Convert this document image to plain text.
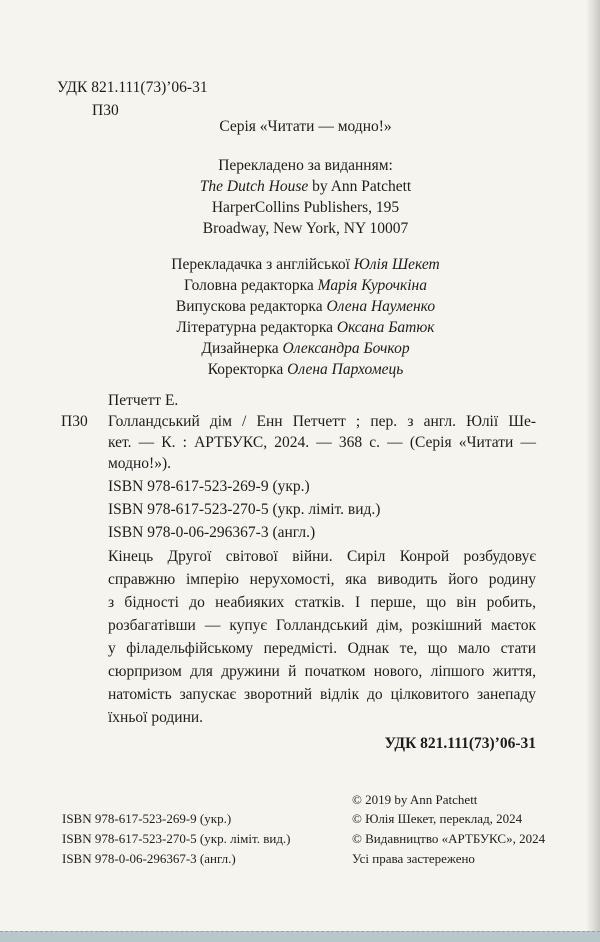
УДК 821.111(73)’06-31
П30
Серія «Читати — модно!»
Перекладено за виданням:
The Dutch House by Ann Patchett
HarperCollins Publishers, 195
Broadway, New York, NY 10007
Перекладачка з англійської Юлія Шекет
Головна редакторка Марія Курочкіна
Випускова редакторка Олена Науменко
Літературна редакторка Оксана Батюк
Дизайнерка Олександра Бочкор
Коректорка Олена Пархомець
Петчетт Е.
П30 Голландський дім / Енн Петчетт ; пер. з англ. Юлії Ше-
кет. — К. : АРТБУКС, 2024. — 368 с. — (Серія «Читати —
модно!»).
ISBN 978-617-523-269-9 (укр.)
ISBN 978-617-523-270-5 (укр. ліміт. вид.)
ISBN 978-0-06-296367-3 (англ.)
Кінець Другої світової війни. Сиріл Конрой розбудовує
справжню імперію нерухомості, яка виводить його родину
з бідності до неабияких статків. І перше, що він робить,
розбагатівши — купує Голландський дім, розкішний маєток
у філадельфійському передмісті. Однак те, що мало стати
сюрпризом для дружини й початком нового, ліпшого життя,
натомість запускає зворотний відлік до цілковитого занепаду
їхньої родини.
УДК 821.111(73)’06-31
ISBN 978-617-523-269-9 (укр.)
ISBN 978-617-523-270-5 (укр. ліміт. вид.)
ISBN 978-0-06-296367-3 (англ.)
© 2019 by Ann Patchett
© Юлія Шекет, переклад, 2024
© Видавництво «АРТБУКС», 2024
Усі права застережено
